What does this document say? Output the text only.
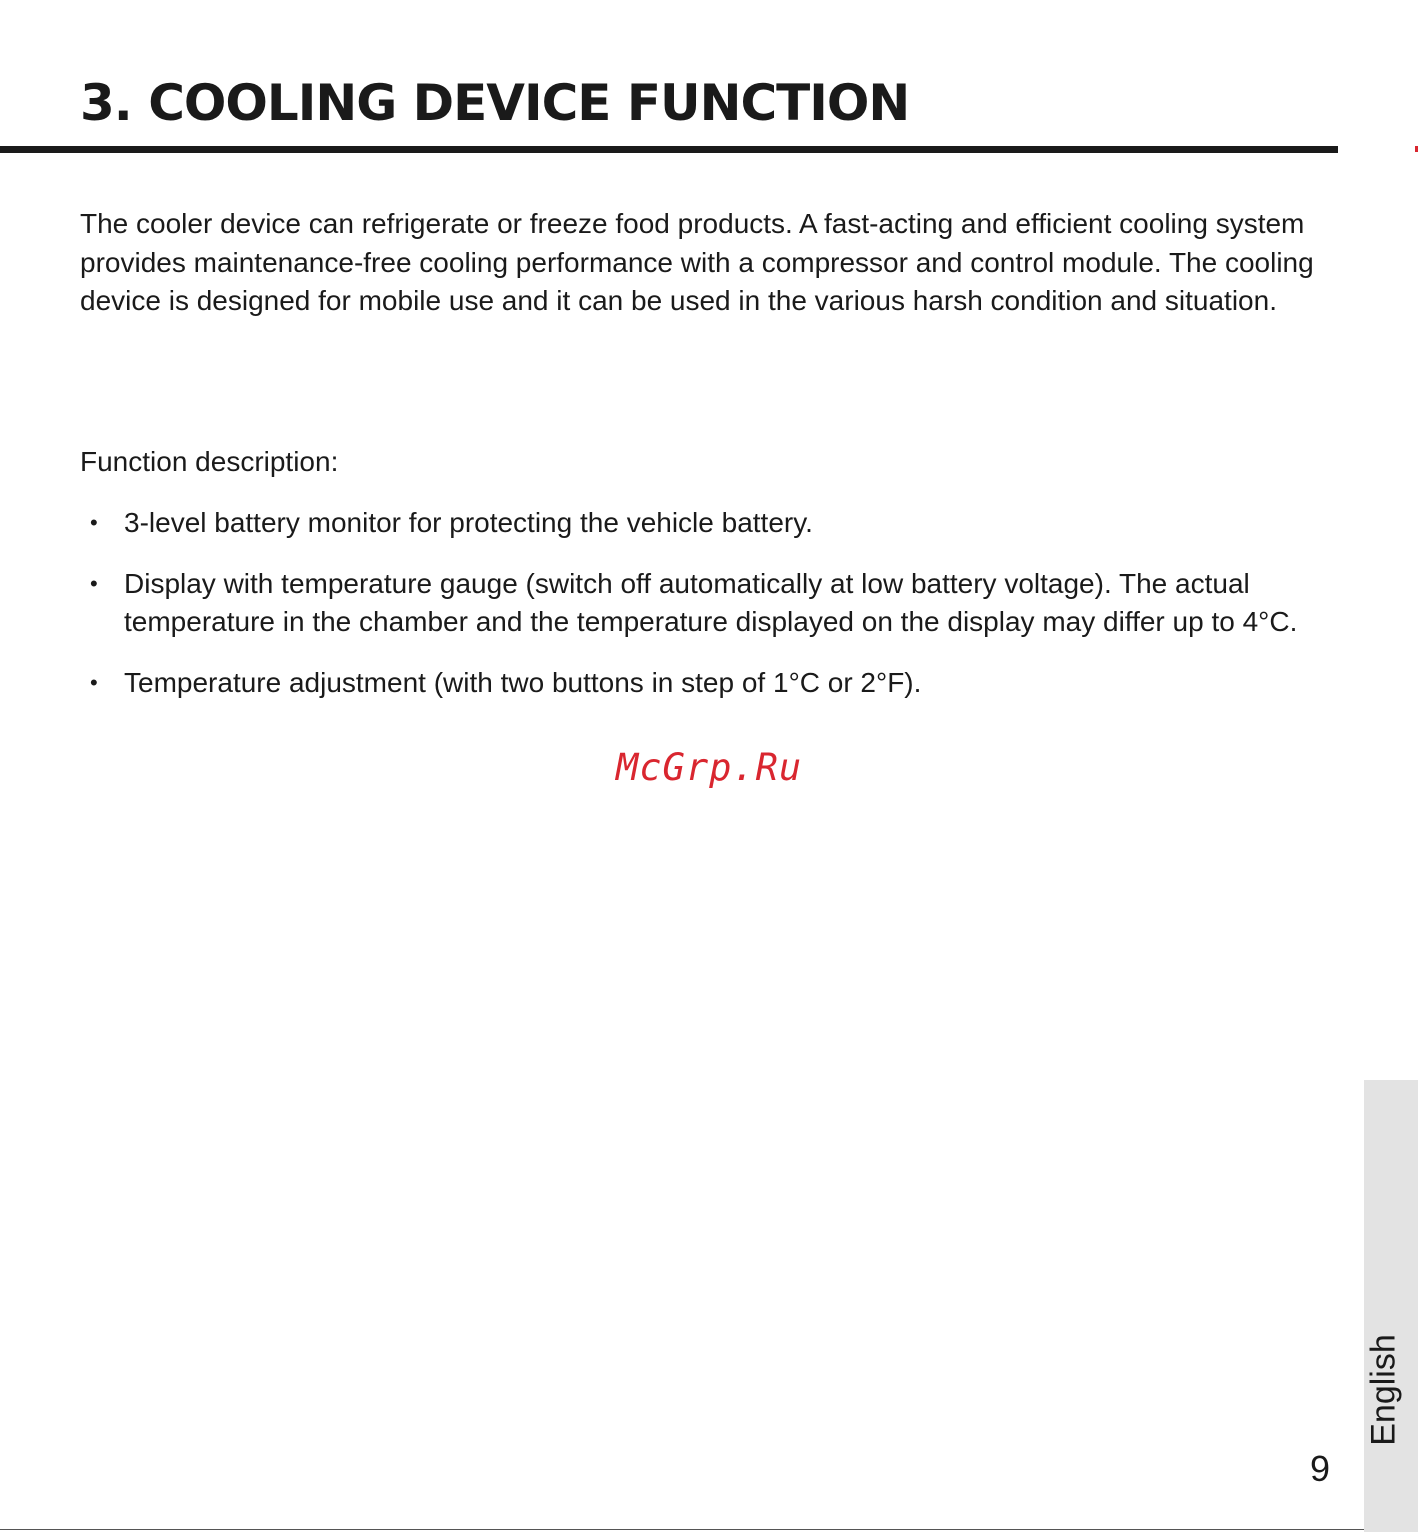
3. COOLING DEVICE FUNCTION

The cooler device can refrigerate or freeze food products. A fast-acting and efficient cooling system provides maintenance-free cooling performance with a compressor and control module. The cooling device is designed for mobile use and it can be used in the various harsh condition and situation.

Function description:

• 3-level battery monitor for protecting the vehicle battery.
• Display with temperature gauge (switch off automatically at low battery voltage). The actual temperature in the chamber and the temperature displayed on the display may differ up to 4°C.
• Temperature adjustment (with two buttons in step of 1°C or 2°F).
McGrp.Ru
English
9
